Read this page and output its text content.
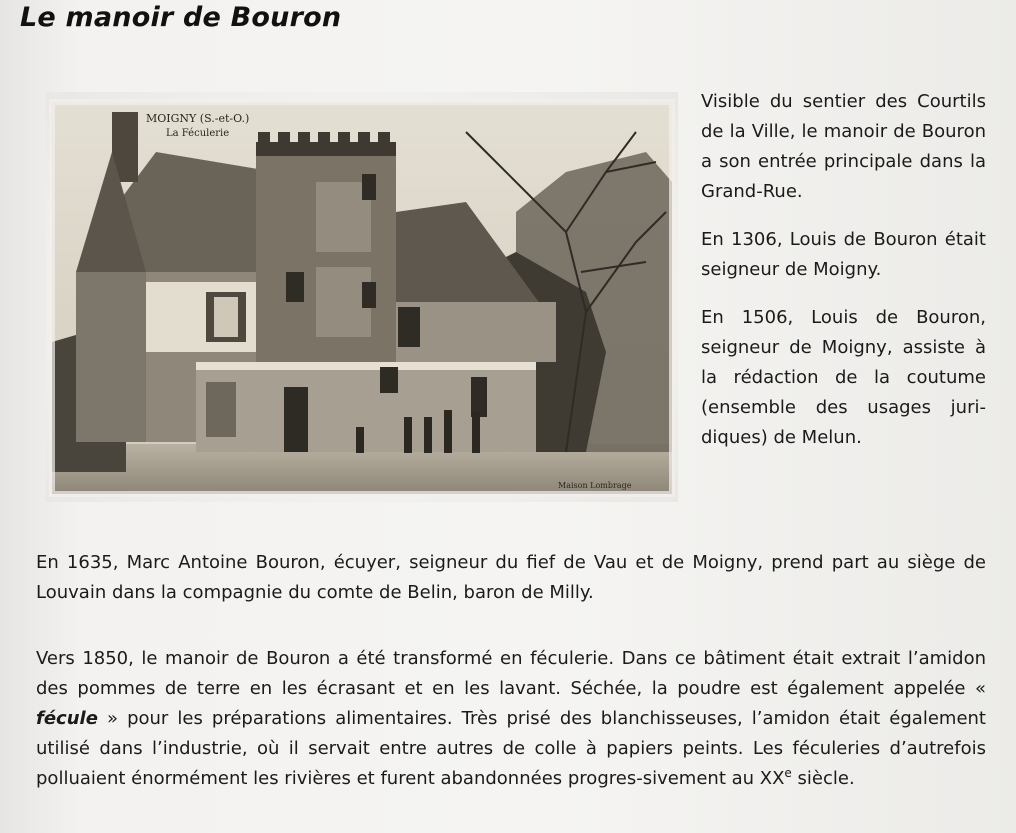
Le manoir de Bouron
MOIGNY (S.-et-O.)
La Féculerie
Maison Lombrage

Visible du sentier des Courtils de la Ville, le manoir de Bouron a son entrée principale dans la Grand-Rue.

En 1306, Louis de Bouron était seigneur de Moigny.

En 1506, Louis de Bouron, seigneur de Moigny, assiste à la rédaction de la coutume (ensemble des usages juri-diques) de Melun.

En 1635, Marc Antoine Bouron, écuyer, seigneur du fief de Vau et de Moigny, prend part au siège de Louvain dans la compagnie du comte de Belin, baron de Milly.

Vers 1850, le manoir de Bouron a été transformé en féculerie. Dans ce bâtiment était extrait l’amidon des pommes de terre en les écrasant et en les lavant. Séchée, la poudre est également appelée « fécule » pour les préparations alimentaires. Très prisé des blanchisseuses, l’amidon était également utilisé dans l’industrie, où il servait entre autres de colle à papiers peints. Les féculeries d’autrefois polluaient énormément les rivières et furent abandonnées progres-sivement au XXe siècle.
